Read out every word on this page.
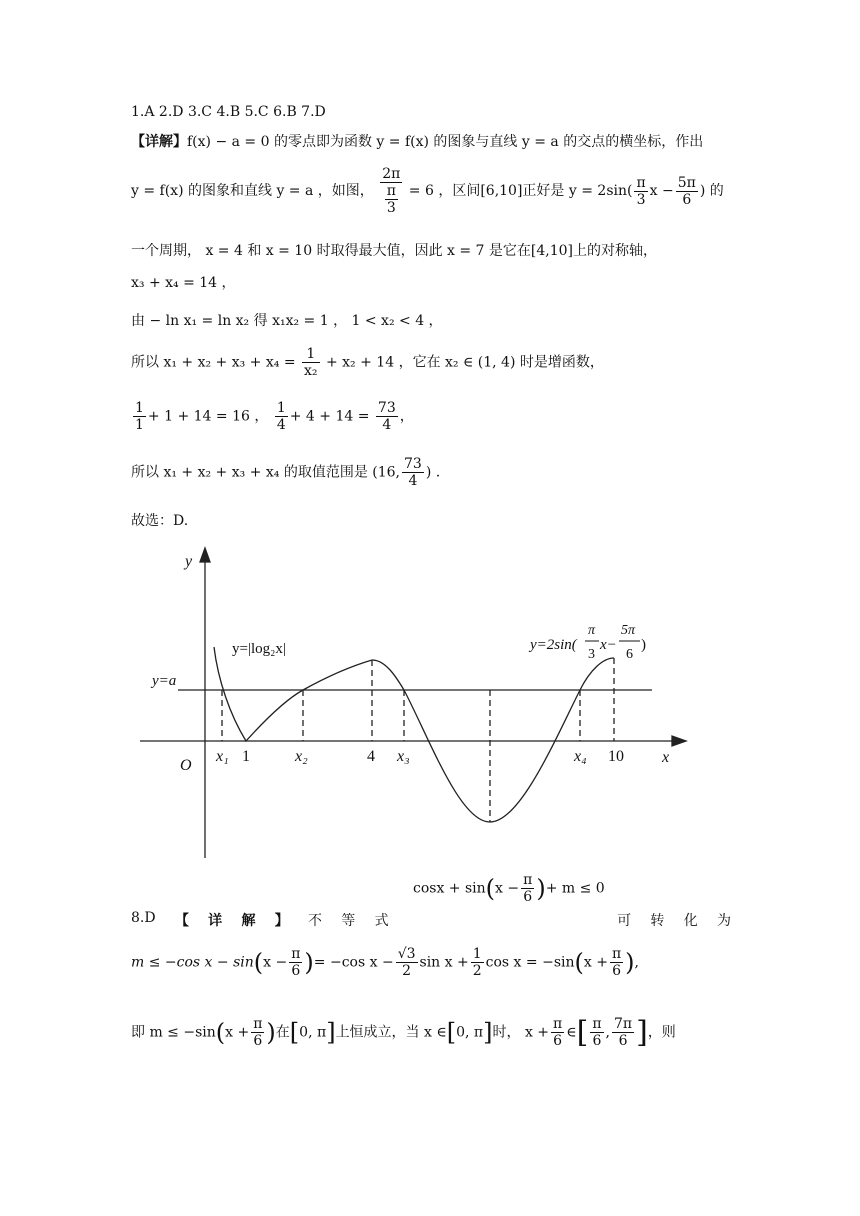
1.A 2.D 3.C 4.B 5.C 6.B 7.D
【详解】f(x) − a = 0 的零点即为函数 y = f(x) 的图象与直线 y = a 的交点的横坐标，作出
y = f(x) 的图象和直线 y = a ，如图， $\frac{2\pi}{\frac{\pi}{3}} = 6$ ，区间[6,10]正好是 $y = 2\sin( \frac{\pi}{3}$ $x - \frac{5\pi}{6}$ ) 的
一个周期， x = 4 和 x = 10 时取得最大值，因此 x = 7 是它在[4,10]上的对称轴，
x₃ + x₄ = 14 ，
由 − ln x₁ = ln x₂ 得 x₁x₂ = 1 ， 1 < x₂ < 4 ，
所以 $x_1 + x_2 + x_3 + x_4 = \frac{1}{\text{x₂}} + x_2 + 14$ ，它在 x₂ ∈ (1, 4) 时是增函数，
$\frac{1}{1} + 1 + 14 = 16$ ， $\frac{1}{4} + 4 + 14 = \frac{73}{4}$ ，
所以 x₁ + x₂ + x₃ + x₄ 的取值范围是 (16, $\frac{73}{4}$ ) .
故选：D.
y
x
O
y=a
y=|log₂x|	y=2sin(
π
3
x−
5π
6
)
x₁ 1	x₂	4 x₃	x₄ 10
$\cos x + \sin(x - \frac{\pi}{6}$ )+ m ≤ 0
8.D 【 详 解 】 不 等 式	可 转 化 为
m ≤ −cos $x - \sin(x - \frac{\pi}{6}$ )= −cos $x - \frac{√3}{2}$ $\sin x + \frac{1}{2}$ $\cos x = -\sin(x + \frac{\pi}{6}$ ),
即 $m \le -\sin(x + \frac{\pi}{6}$ )在[0, π]上恒成立，当 x ∈[0, π]时， $x + \frac{\pi}{6}$ ∈[ $\frac{\pi}{6}$ , $\frac{7\pi}{6}$ ]，则
